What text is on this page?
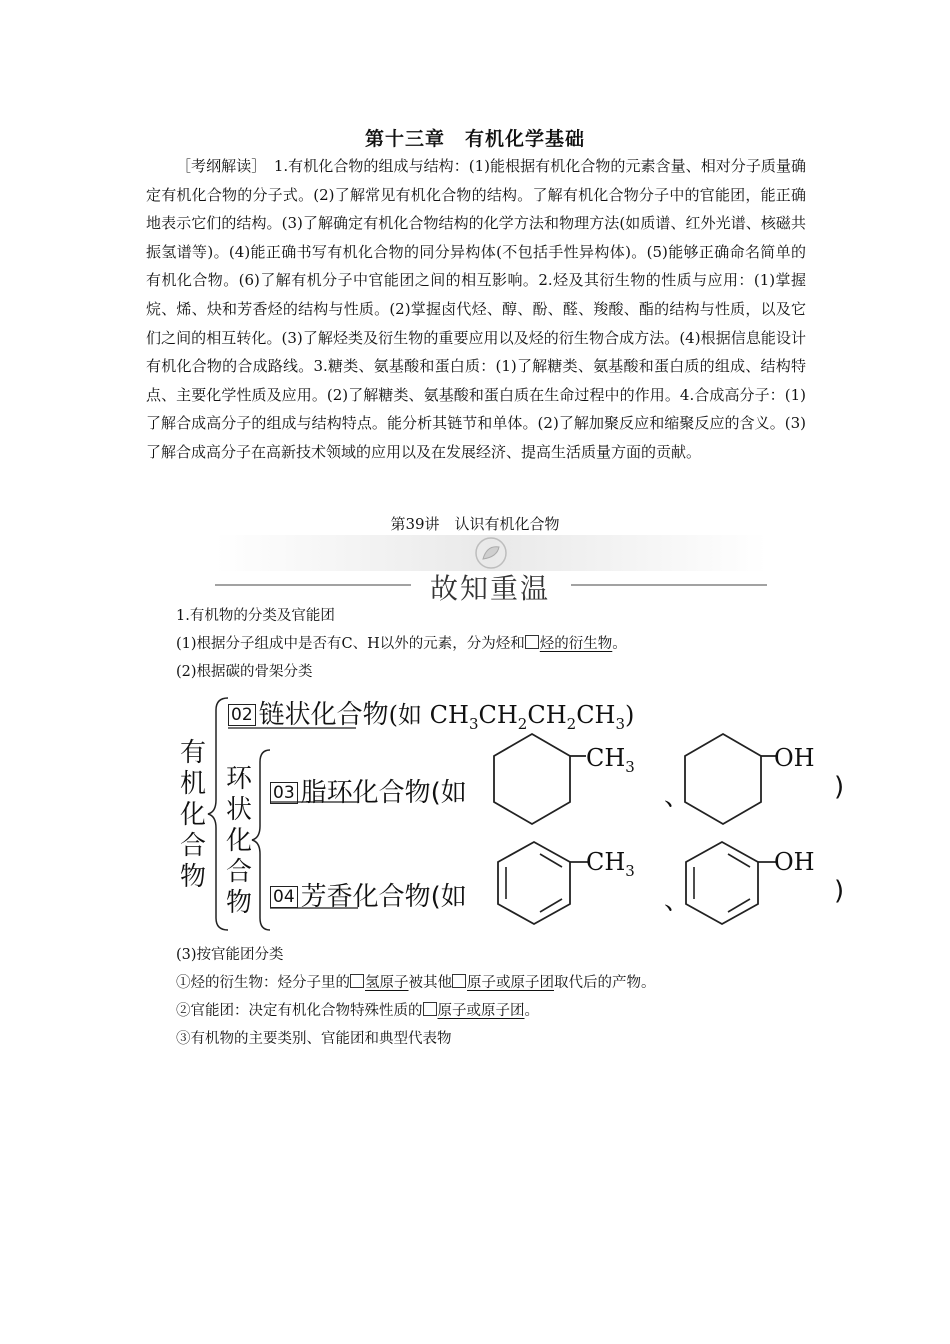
第十三章　有机化学基础
［考纲解读］　1.有机化合物的组成与结构：(1)能根据有机化合物的元素含量、相对分子质量确定有机化合物的分子式。(2)了解常见有机化合物的结构。了解有机化合物分子中的官能团，能正确地表示它们的结构。(3)了解确定有机化合物结构的化学方法和物理方法(如质谱、红外光谱、核磁共振氢谱等)。(4)能正确书写有机化合物的同分异构体(不包括手性异构体)。(5)能够正确命名简单的有机化合物。(6)了解有机分子中官能团之间的相互影响。2.烃及其衍生物的性质与应用：(1)掌握烷、烯、炔和芳香烃的结构与性质。(2)掌握卤代烃、醇、酚、醛、羧酸、酯的结构与性质，以及它们之间的相互转化。(3)了解烃类及衍生物的重要应用以及烃的衍生物合成方法。(4)根据信息能设计有机化合物的合成路线。3.糖类、氨基酸和蛋白质：(1)了解糖类、氨基酸和蛋白质的组成、结构特点、主要化学性质及应用。(2)了解糖类、氨基酸和蛋白质在生命过程中的作用。4.合成高分子：(1)了解合成高分子的组成与结构特点。能分析其链节和单体。(2)了解加聚反应和缩聚反应的含义。(3)了解合成高分子在高新技术领域的应用以及在发展经济、提高生活质量方面的贡献。
第39讲　认识有机化合物
故知重温
1.有机物的分类及官能团
(1)根据分子组成中是否有C、H以外的元素，分为烃和 烃的衍生物。
(2)根据碳的骨架分类
有
机
化
合
物
环
状
化
合
物
02 链状化合物(如 $CH_3CH_2CH_2CH_3$)
03 脂环化合物(如
$CH_3$
、
OH
)
04 芳香化合物(如
$CH_3$
、
OH
)
(3)按官能团分类
①烃的衍生物：烃分子里的 氢原子被其他 原子或原子团取代后的产物。
②官能团：决定有机化合物特殊性质的 原子或原子团。
③有机物的主要类别、官能团和典型代表物
